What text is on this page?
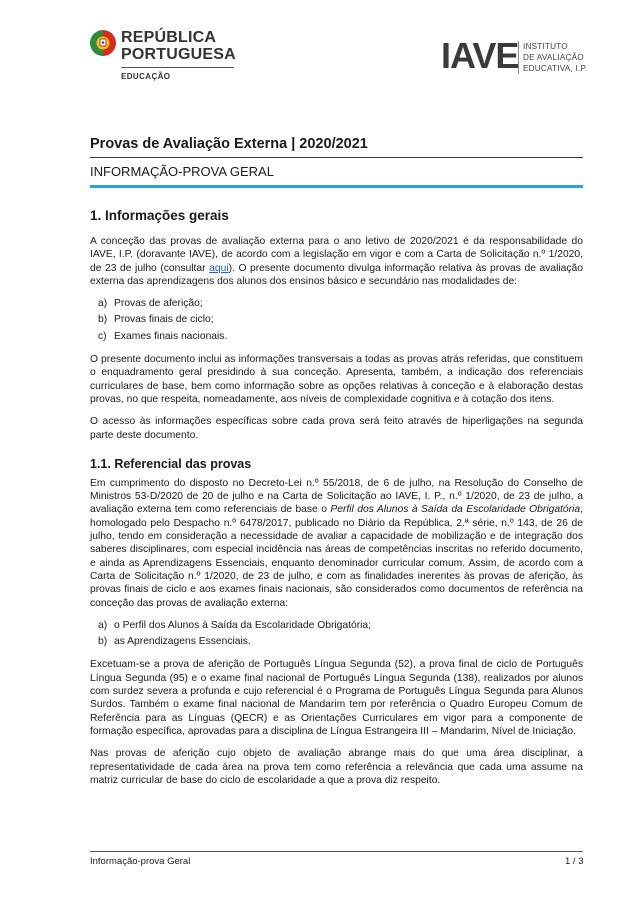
REPÚBLICA
PORTUGUESA
EDUCAÇÃO
IAVE INSTITUTO
DE AVALIAÇÃO
EDUCATIVA, I.P.
Provas de Avaliação Externa | 2020/2021
INFORMAÇÃO-PROVA GERAL
1. Informações gerais

A conceção das provas de avaliação externa para o ano letivo de 2020/2021 é da responsabilidade do IAVE, I.P. (doravante IAVE), de acordo com a legislação em vigor e com a Carta de Solicitação n.º 1/2020, de 23 de julho (consultar aqui). O presente documento divulga informação relativa às provas de avaliação externa das aprendizagens dos alunos dos ensinos básico e secundário nas modalidades de:

a) Provas de aferição;
b) Provas finais de ciclo;
c) Exames finais nacionais.

O presente documento inclui as informações transversais a todas as provas atrás referidas, que constituem o enquadramento geral presidindo à sua conceção. Apresenta, também, a indicação dos referenciais curriculares de base, bem como informação sobre as opções relativas à conceção e à elaboração destas provas, no que respeita, nomeadamente, aos níveis de complexidade cognitiva e à cotação dos itens.

O acesso às informações específicas sobre cada prova será feito através de hiperligações na segunda parte deste documento.

1.1. Referencial das provas

Em cumprimento do disposto no Decreto-Lei n.º 55/2018, de 6 de julho, na Resolução do Conselho de Ministros 53-D/2020 de 20 de julho e na Carta de Solicitação ao IAVE, I. P., n.º 1/2020, de 23 de julho, a avaliação externa tem como referenciais de base o Perfil dos Alunos à Saída da Escolaridade Obrigatória, homologado pelo Despacho n.º 6478/2017, publicado no Diário da República, 2.ª série, n.º 143, de 26 de julho, tendo em consideração a necessidade de avaliar a capacidade de mobilização e de integração dos saberes disciplinares, com especial incidência nas áreas de competências inscritas no referido documento, e ainda as Aprendizagens Essenciais, enquanto denominador curricular comum. Assim, de acordo com a Carta de Solicitação n.º 1/2020, de 23 de julho, e com as finalidades inerentes às provas de aferição, às provas finais de ciclo e aos exames finais nacionais, são considerados como documentos de referência na conceção das provas de avaliação externa:

a) o Perfil dos Alunos à Saída da Escolaridade Obrigatória;
b) as Aprendizagens Essenciais.

Excetuam-se a prova de aferição de Português Língua Segunda (52), a prova final de ciclo de Português Língua Segunda (95) e o exame final nacional de Português Língua Segunda (138), realizados por alunos com surdez severa a profunda e cujo referencial é o Programa de Português Língua Segunda para Alunos Surdos. Também o exame final nacional de Mandarim tem por referência o Quadro Europeu Comum de Referência para as Línguas (QECR) e as Orientações Curriculares em vigor para a componente de formação específica, aprovadas para a disciplina de Língua Estrangeira III – Mandarim, Nível de Iniciação.

Nas provas de aferição cujo objeto de avaliação abrange mais do que uma área disciplinar, a representatividade de cada área na prova tem como referência a relevância que cada uma assume na matriz curricular de base do ciclo de escolaridade a que a prova diz respeito.

Informação-prova Geral	1 / 3
